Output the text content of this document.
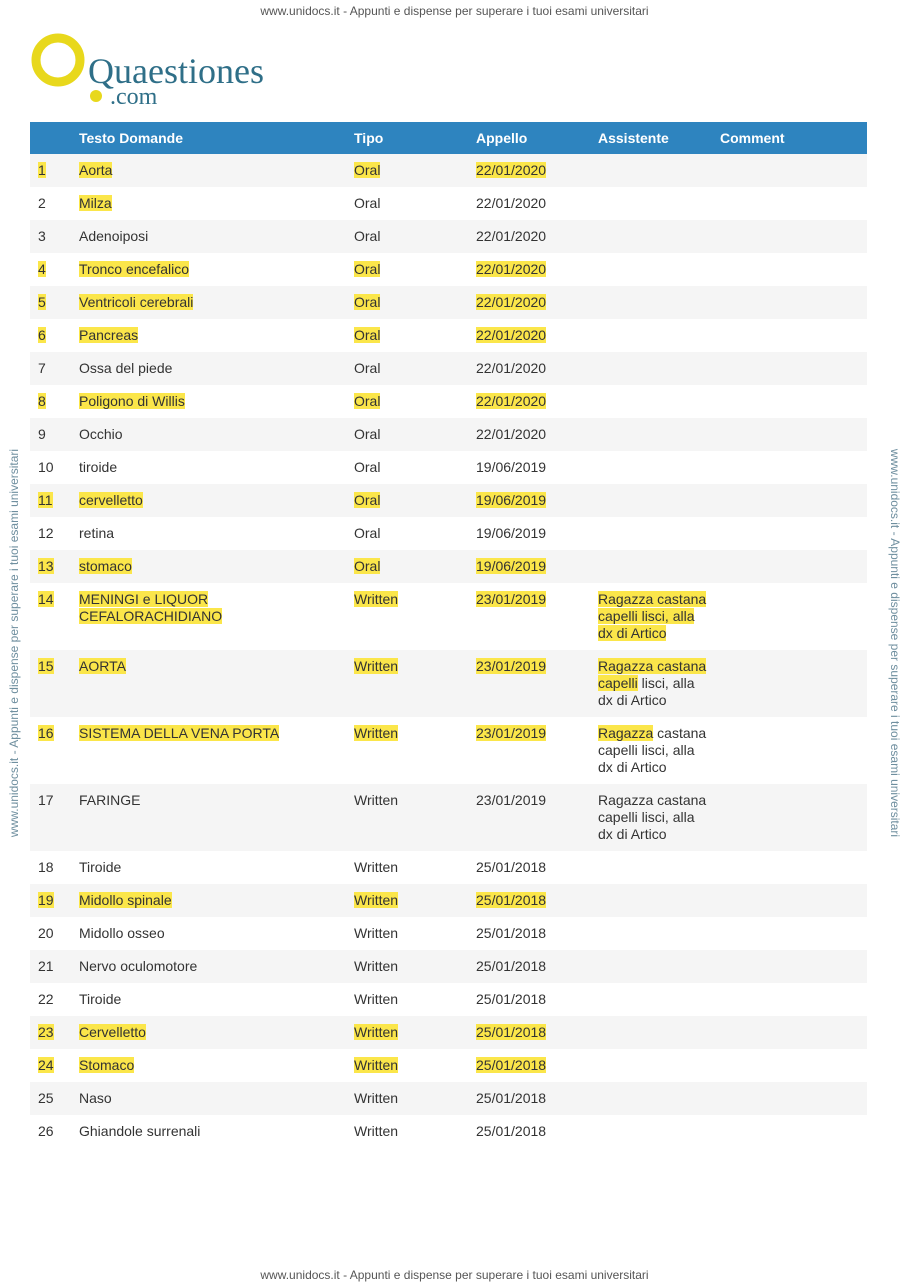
www.unidocs.it - Appunti e dispense per superare i tuoi esami universitari
www.unidocs.it - Appunti e dispense per superare i tuoi esami universitari
www.unidocs.it - Appunti e dispense per superare i tuoi esami universitari	www.unidocs.it - Appunti e dispense per superare i tuoi esami universitari
Quaestiones
.com
	Testo Domande	Tipo	Appello	Assistente	Comment
1	Aorta	Oral	22/01/2020		
2	Milza	Oral	22/01/2020		
3	Adenoiposi	Oral	22/01/2020		
4	Tronco encefalico	Oral	22/01/2020		
5	Ventricoli cerebrali	Oral	22/01/2020		
6	Pancreas	Oral	22/01/2020		
7	Ossa del piede	Oral	22/01/2020		
8	Poligono di Willis	Oral	22/01/2020		
9	Occhio	Oral	22/01/2020		
10	tiroide	Oral	19/06/2019		
11	cervelletto	Oral	19/06/2019		
12	retina	Oral	19/06/2019		
13	stomaco	Oral	19/06/2019		
14	MENINGI e LIQUOR CEFALORACHIDIANO	Written	23/01/2019	Ragazza castana capelli lisci, alla dx di Artico	
15	AORTA	Written	23/01/2019	Ragazza castana capelli lisci, alla dx di Artico	
16	SISTEMA DELLA VENA PORTA	Written	23/01/2019	Ragazza castana capelli lisci, alla dx di Artico	
17	FARINGE	Written	23/01/2019	Ragazza castana capelli lisci, alla dx di Artico	
18	Tiroide	Written	25/01/2018		
19	Midollo spinale	Written	25/01/2018		
20	Midollo osseo	Written	25/01/2018		
21	Nervo oculomotore	Written	25/01/2018		
22	Tiroide	Written	25/01/2018		
23	Cervelletto	Written	25/01/2018		
24	Stomaco	Written	25/01/2018		
25	Naso	Written	25/01/2018		
26	Ghiandole surrenali	Written	25/01/2018		
